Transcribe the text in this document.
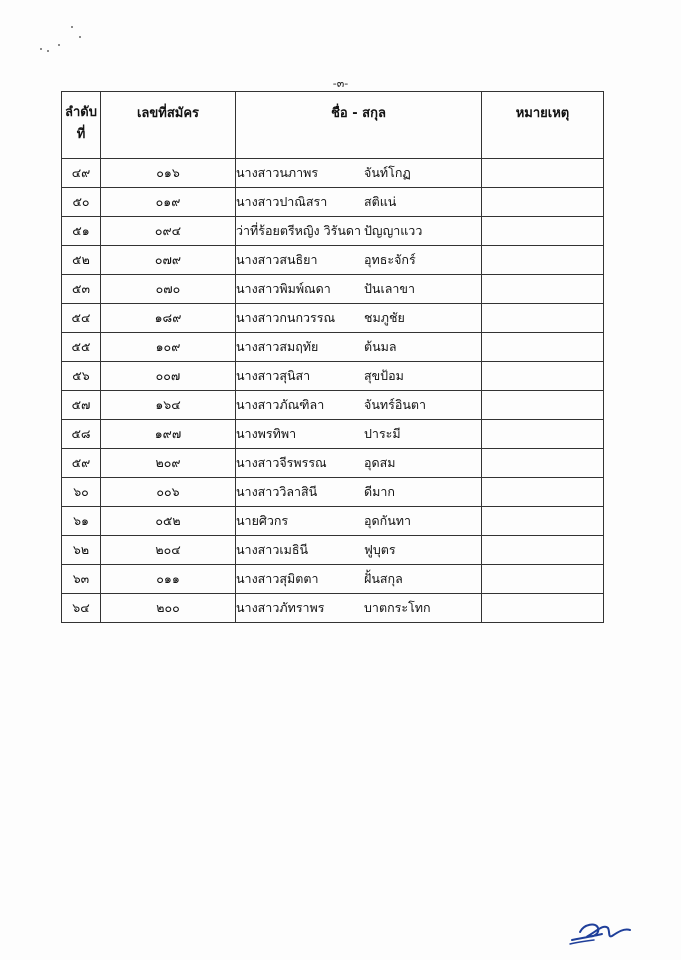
-๓-
ลำดับ ที่	เลขที่สมัคร	ชื่อ - สกุล	หมายเหตุ
๔๙	๐๑๖	นางสาวนภาพร จันท์โกฏ	
๕๐	๐๑๙	นางสาวปาณิสรา สติแน่	
๕๑	๐๙๔	ว่าที่ร้อยตรีหญิง วิรันดา ปัญญาแวว	
๕๒	๐๗๙	นางสาวสนธิยา อุทธะจักร์	
๕๓	๐๗๐	นางสาวพิมพ์ณดา ปันเลาขา	
๕๔	๑๘๙	นางสาวกนกวรรณ ชมภูชัย	
๕๕	๑๐๙	นางสาวสมฤทัย ต้นมล	
๕๖	๐๐๗	นางสาวสุนิสา สุขป้อม	
๕๗	๑๖๔	นางสาวภัณฑิลา จันทร์อินตา	
๕๘	๑๙๗	นางพรทิพา ปาระมี	
๕๙	๒๐๙	นางสาวจีรพรรณ อุดสม	
๖๐	๐๐๖	นางสาววิลาสินี ดีมาก	
๖๑	๐๕๒	นายศิวกร อุดกันทา	
๖๒	๒๐๔	นางสาวเมธินี ฟูบุตร	
๖๓	๐๑๑	นางสาวสุมิตตา ฝั้นสกุล	
๖๔	๒๐๐	นางสาวภัทราพร บาตกระโทก	
